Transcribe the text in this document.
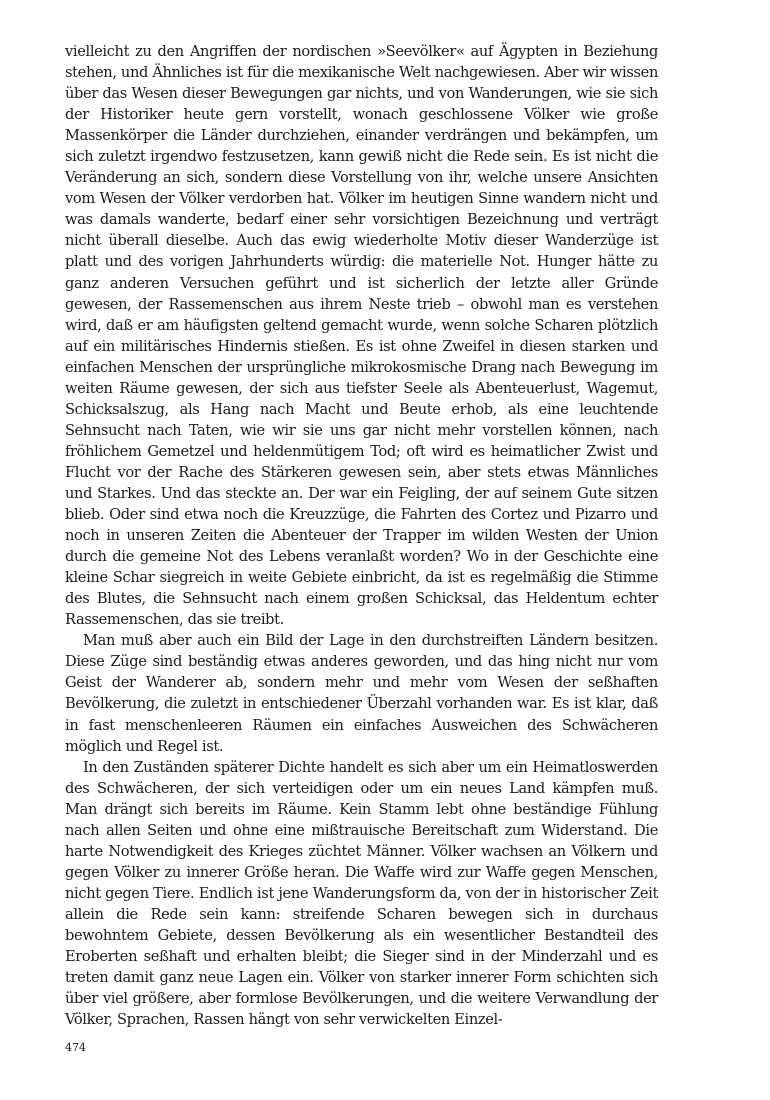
vielleicht zu den Angriffen der nordischen »Seevölker« auf Ägypten in Beziehung stehen, und Ähnliches ist für die mexikanische Welt nachgewiesen. Aber wir wissen über das Wesen dieser Bewegungen gar nichts, und von Wanderungen, wie sie sich der Historiker heute gern vorstellt, wonach geschlossene Völker wie große Massenkörper die Länder durchziehen, einander verdrängen und bekämpfen, um sich zuletzt irgendwo festzusetzen, kann gewiß nicht die Rede sein. Es ist nicht die Veränderung an sich, sondern diese Vorstellung von ihr, welche unsere Ansichten vom Wesen der Völker verdorben hat. Völker im heutigen Sinne wandern nicht und was damals wanderte, bedarf einer sehr vorsichtigen Bezeichnung und verträgt nicht überall dieselbe. Auch das ewig wiederholte Motiv dieser Wanderzüge ist platt und des vorigen Jahrhunderts würdig: die materielle Not. Hunger hätte zu ganz anderen Versuchen geführt und ist sicherlich der letzte aller Gründe gewesen, der Rassemenschen aus ihrem Neste trieb – obwohl man es verstehen wird, daß er am häufigsten geltend gemacht wurde, wenn solche Scharen plötzlich auf ein militärisches Hindernis stießen. Es ist ohne Zweifel in diesen starken und einfachen Menschen der ursprüngliche mikrokosmische Drang nach Bewegung im weiten Räume gewesen, der sich aus tiefster Seele als Abenteuerlust, Wagemut, Schicksalszug, als Hang nach Macht und Beute erhob, als eine leuchtende Sehnsucht nach Taten, wie wir sie uns gar nicht mehr vorstellen können, nach fröhlichem Gemetzel und heldenmütigem Tod; oft wird es heimatlicher Zwist und Flucht vor der Rache des Stärkeren gewesen sein, aber stets etwas Männliches und Starkes. Und das steckte an. Der war ein Feigling, der auf seinem Gute sitzen blieb. Oder sind etwa noch die Kreuzzüge, die Fahrten des Cortez und Pizarro und noch in unseren Zeiten die Abenteuer der Trapper im wilden Westen der Union durch die gemeine Not des Lebens veranlaßt worden? Wo in der Geschichte eine kleine Schar siegreich in weite Gebiete einbricht, da ist es regelmäßig die Stimme des Blutes, die Sehnsucht nach einem großen Schicksal, das Heldentum echter Rassemenschen, das sie treibt.

Man muß aber auch ein Bild der Lage in den durchstreiften Ländern besitzen. Diese Züge sind beständig etwas anderes geworden, und das hing nicht nur vom Geist der Wanderer ab, sondern mehr und mehr vom Wesen der seßhaften Bevölkerung, die zuletzt in entschiedener Überzahl vorhanden war. Es ist klar, daß in fast menschenleeren Räumen ein einfaches Ausweichen des Schwächeren möglich und Regel ist.

In den Zuständen späterer Dichte handelt es sich aber um ein Heimatloswerden des Schwächeren, der sich verteidigen oder um ein neues Land kämpfen muß. Man drängt sich bereits im Räume. Kein Stamm lebt ohne beständige Fühlung nach allen Seiten und ohne eine mißtrauische Bereitschaft zum Widerstand. Die harte Notwendigkeit des Krieges züchtet Männer. Völker wachsen an Völkern und gegen Völker zu innerer Größe heran. Die Waffe wird zur Waffe gegen Menschen, nicht gegen Tiere. Endlich ist jene Wanderungsform da, von der in historischer Zeit allein die Rede sein kann: streifende Scharen bewegen sich in durchaus bewohntem Gebiete, dessen Bevölkerung als ein wesentlicher Bestandteil des Eroberten seßhaft und erhalten bleibt; die Sieger sind in der Minderzahl und es treten damit ganz neue Lagen ein. Völker von starker innerer Form schichten sich über viel größere, aber formlose Bevölkerungen, und die weitere Verwandlung der Völker, Sprachen, Rassen hängt von sehr verwickelten Einzel-

474
